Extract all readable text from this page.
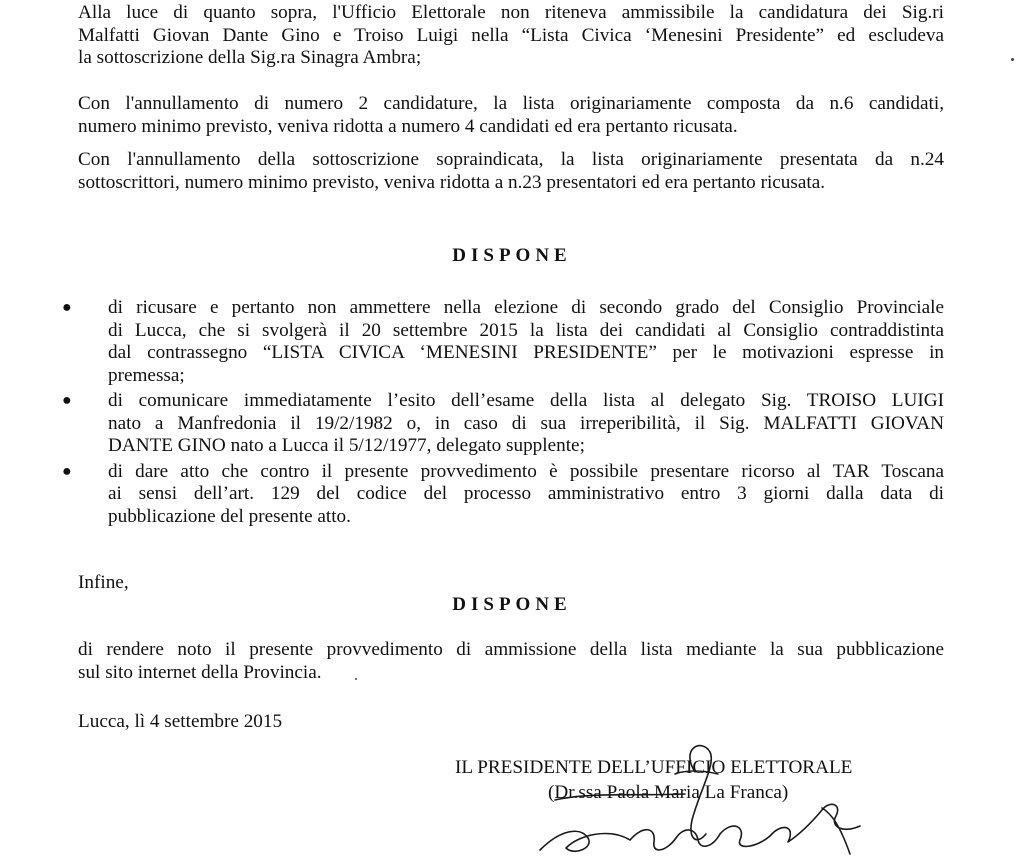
Alla luce di quanto sopra, l'Ufficio Elettorale non riteneva ammissibile la candidatura dei Sig.ri
Malfatti Giovan Dante Gino e Troiso Luigi nella “Lista Civica ‘Menesini Presidente” ed escludeva
la sottoscrizione della Sig.ra Sinagra Ambra;
Con l'annullamento di numero 2 candidature, la lista originariamente composta da n.6 candidati,
numero minimo previsto, veniva ridotta a numero 4 candidati ed era pertanto ricusata.
Con l'annullamento della sottoscrizione sopraindicata, la lista originariamente presentata da n.24
sottoscrittori, numero minimo previsto, veniva ridotta a n.23 presentatori ed era pertanto ricusata.
DISPONE
● di ricusare e pertanto non ammettere nella elezione di secondo grado del Consiglio Provinciale
di Lucca, che si svolgerà il 20 settembre 2015 la lista dei candidati al Consiglio contraddistinta
dal contrassegno “LISTA CIVICA ‘MENESINI PRESIDENTE” per le motivazioni espresse in
premessa;
● di comunicare immediatamente l’esito dell’esame della lista al delegato Sig. TROISO LUIGI
nato a Manfredonia il 19/2/1982 o, in caso di sua irreperibilità, il Sig. MALFATTI GIOVAN
DANTE GINO nato a Lucca il 5/12/1977, delegato supplente;
● di dare atto che contro il presente provvedimento è possibile presentare ricorso al TAR Toscana
ai sensi dell’art. 129 del codice del processo amministrativo entro 3 giorni dalla data di
pubblicazione del presente atto.
Infine,
DISPONE
di rendere noto il presente provvedimento di ammissione della lista mediante la sua pubblicazione
sul sito internet della Provincia.
Lucca, lì 4 settembre 2015
IL PRESIDENTE DELL’UFFICIO ELETTORALE
(Dr.ssa Paola Maria La Franca)
